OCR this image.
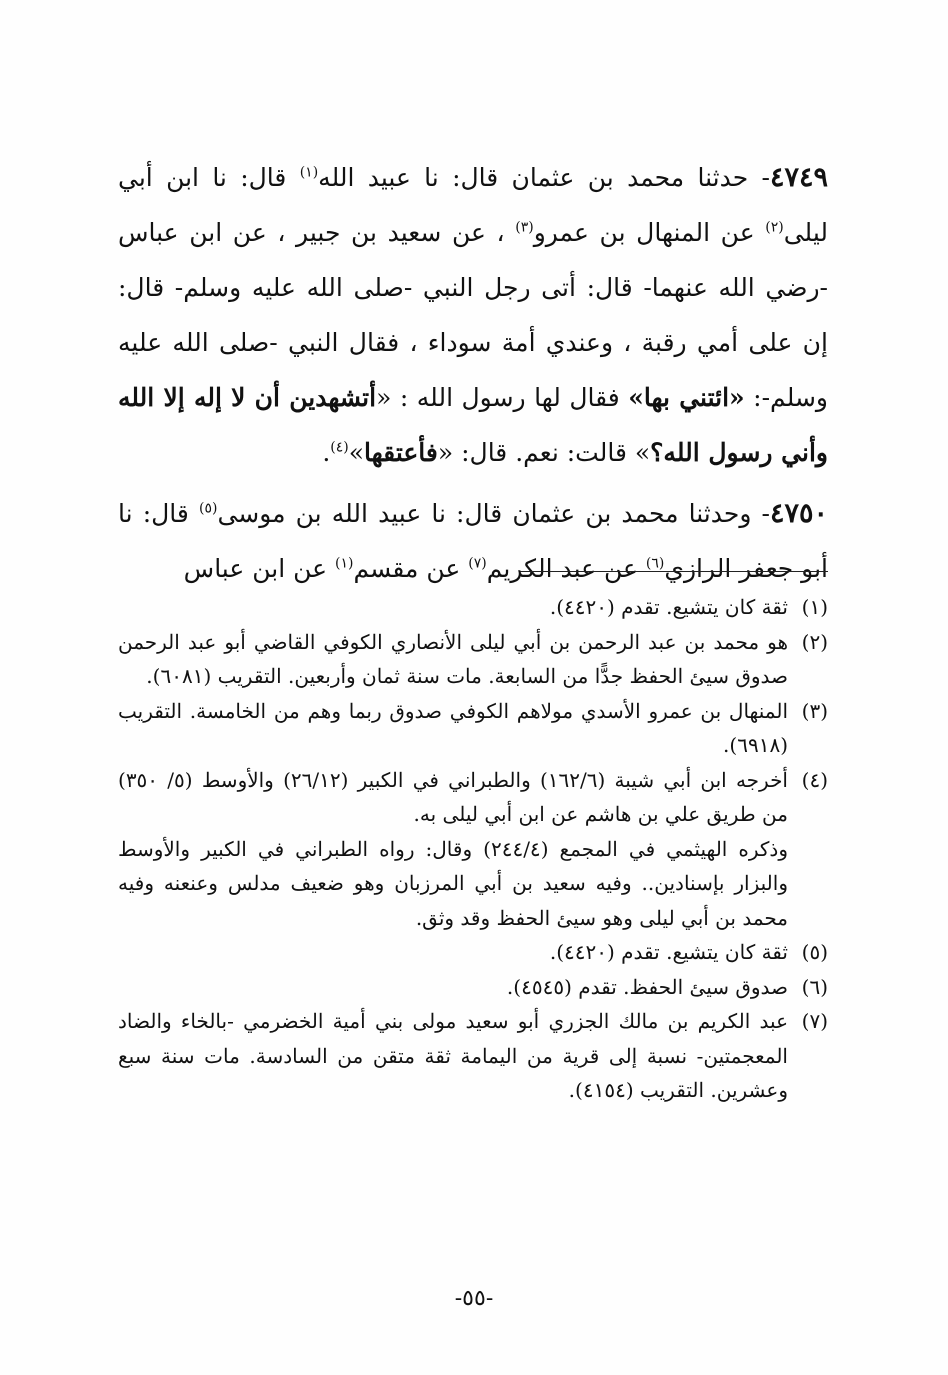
٤٧٤٩- حدثنا محمد بن عثمان قال: نا عبيد الله$^{(١)}$ قال: نا ابن أبي ليلى$^{(٢)}$ عن المنهال بن عمرو$^{(٣)}$ ، عن سعيد بن جبير ، عن ابن عباس -رضي الله عنهما- قال: أتى رجل النبي -صلى الله عليه وسلم- قال: إن على أمي رقبة ، وعندي أمة سوداء ، فقال النبي -صلى الله عليه وسلم-: «ائتني بها» فقال لها رسول الله : «أتشهدين أن لا إله إلا الله وأني رسول الله؟» قالت: نعم. قال: «فأعتقها»$^{(٤)}$.

٤٧٥٠- وحدثنا محمد بن عثمان قال: نا عبيد الله بن موسى$^{(٥)}$ قال: نا أبو جعفر الرازي$^{(٦)}$ عن عبد الكريم$^{(٧)}$ عن مقسم$^{(١)}$ عن ابن عباس

(١)
ثقة كان يتشيع. تقدم (٤٤٢٠).

(٢)
هو محمد بن عبد الرحمن بن أبي ليلى الأنصاري الكوفي القاضي أبو عبد الرحمن صدوق سيئ الحفظ جدًّا من السابعة. مات سنة ثمان وأربعين. التقريب (٦٠٨١).

(٣)
المنهال بن عمرو الأسدي مولاهم الكوفي صدوق ربما وهم من الخامسة. التقريب (٦٩١٨).

(٤)
أخرجه ابن أبي شيبة (١٦٢/٦) والطبراني في الكبير (٢٦/١٢) والأوسط (٥/ ٣٥٠) من طريق علي بن هاشم عن ابن أبي ليلى به.

وذكره الهيثمي في المجمع (٢٤٤/٤) وقال: رواه الطبراني في الكبير والأوسط والبزار بإسنادين.. وفيه سعيد بن أبي المرزبان وهو ضعيف مدلس وعنعنه وفيه محمد بن أبي ليلى وهو سيئ الحفظ وقد وثق.

(٥)
ثقة كان يتشيع. تقدم (٤٤٢٠).

(٦)
صدوق سيئ الحفظ. تقدم (٤٥٤٥).

(٧)
عبد الكريم بن مالك الجزري أبو سعيد مولى بني أمية الخضرمي -بالخاء والضاد المعجمتين- نسبة إلى قرية من اليمامة ثقة متقن من السادسة. مات سنة سبع وعشرين. التقريب (٤١٥٤).

-٥٥-
